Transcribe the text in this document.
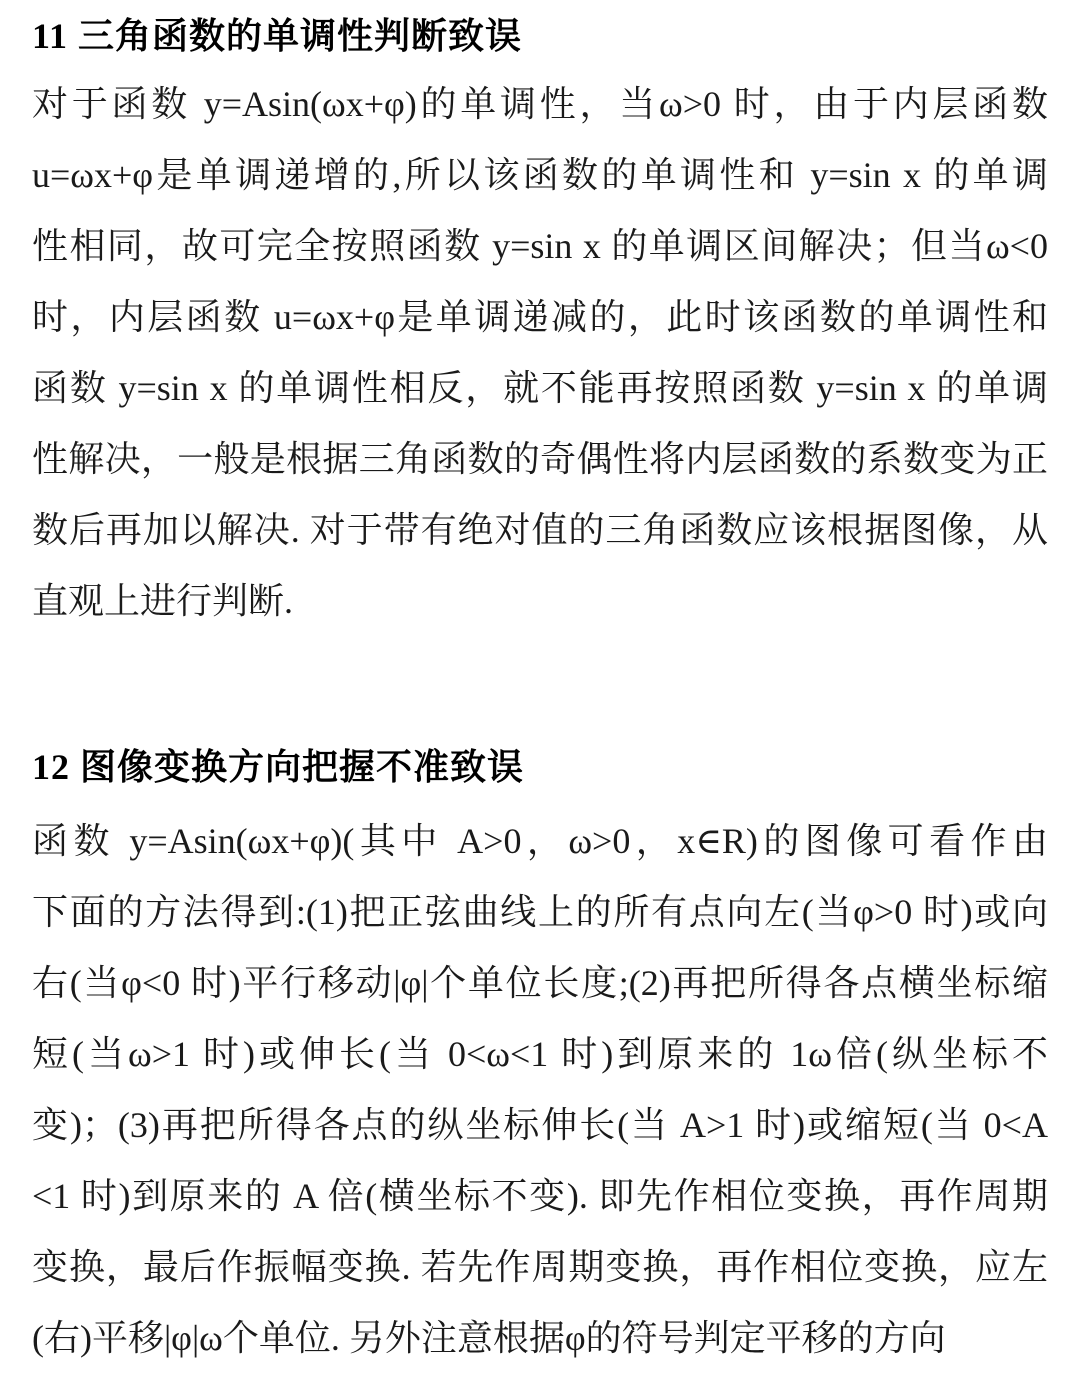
11 三角函数的单调性判断致误
对于函数 y=Asin(ωx+φ)的单调性，当ω>0 时，由于内层函数
u=ωx+φ是单调递增的,所以该函数的单调性和 y=sin x 的单调
性相同，故可完全按照函数 y=sin x 的单调区间解决；但当ω<0
时，内层函数 u=ωx+φ是单调递减的，此时该函数的单调性和
函数 y=sin x 的单调性相反，就不能再按照函数 y=sin x 的单调
性解决，一般是根据三角函数的奇偶性将内层函数的系数变为正
数后再加以解决. 对于带有绝对值的三角函数应该根据图像，从
直观上进行判断.
12 图像变换方向把握不准致误
函数 y=Asin(ωx+φ)(其中 A>0，ω>0，x∈R)的图像可看作由
下面的方法得到:(1)把正弦曲线上的所有点向左(当φ>0 时)或向
右(当φ<0 时)平行移动|φ|个单位长度;(2)再把所得各点横坐标缩
短(当ω>1 时)或伸长(当 0<ω<1 时)到原来的 1ω倍(纵坐标不
变)；(3)再把所得各点的纵坐标伸长(当 A>1 时)或缩短(当 0<A
<1 时)到原来的 A 倍(横坐标不变). 即先作相位变换，再作周期
变换，最后作振幅变换. 若先作周期变换，再作相位变换，应左
(右)平移|φ|ω个单位. 另外注意根据φ的符号判定平移的方向
